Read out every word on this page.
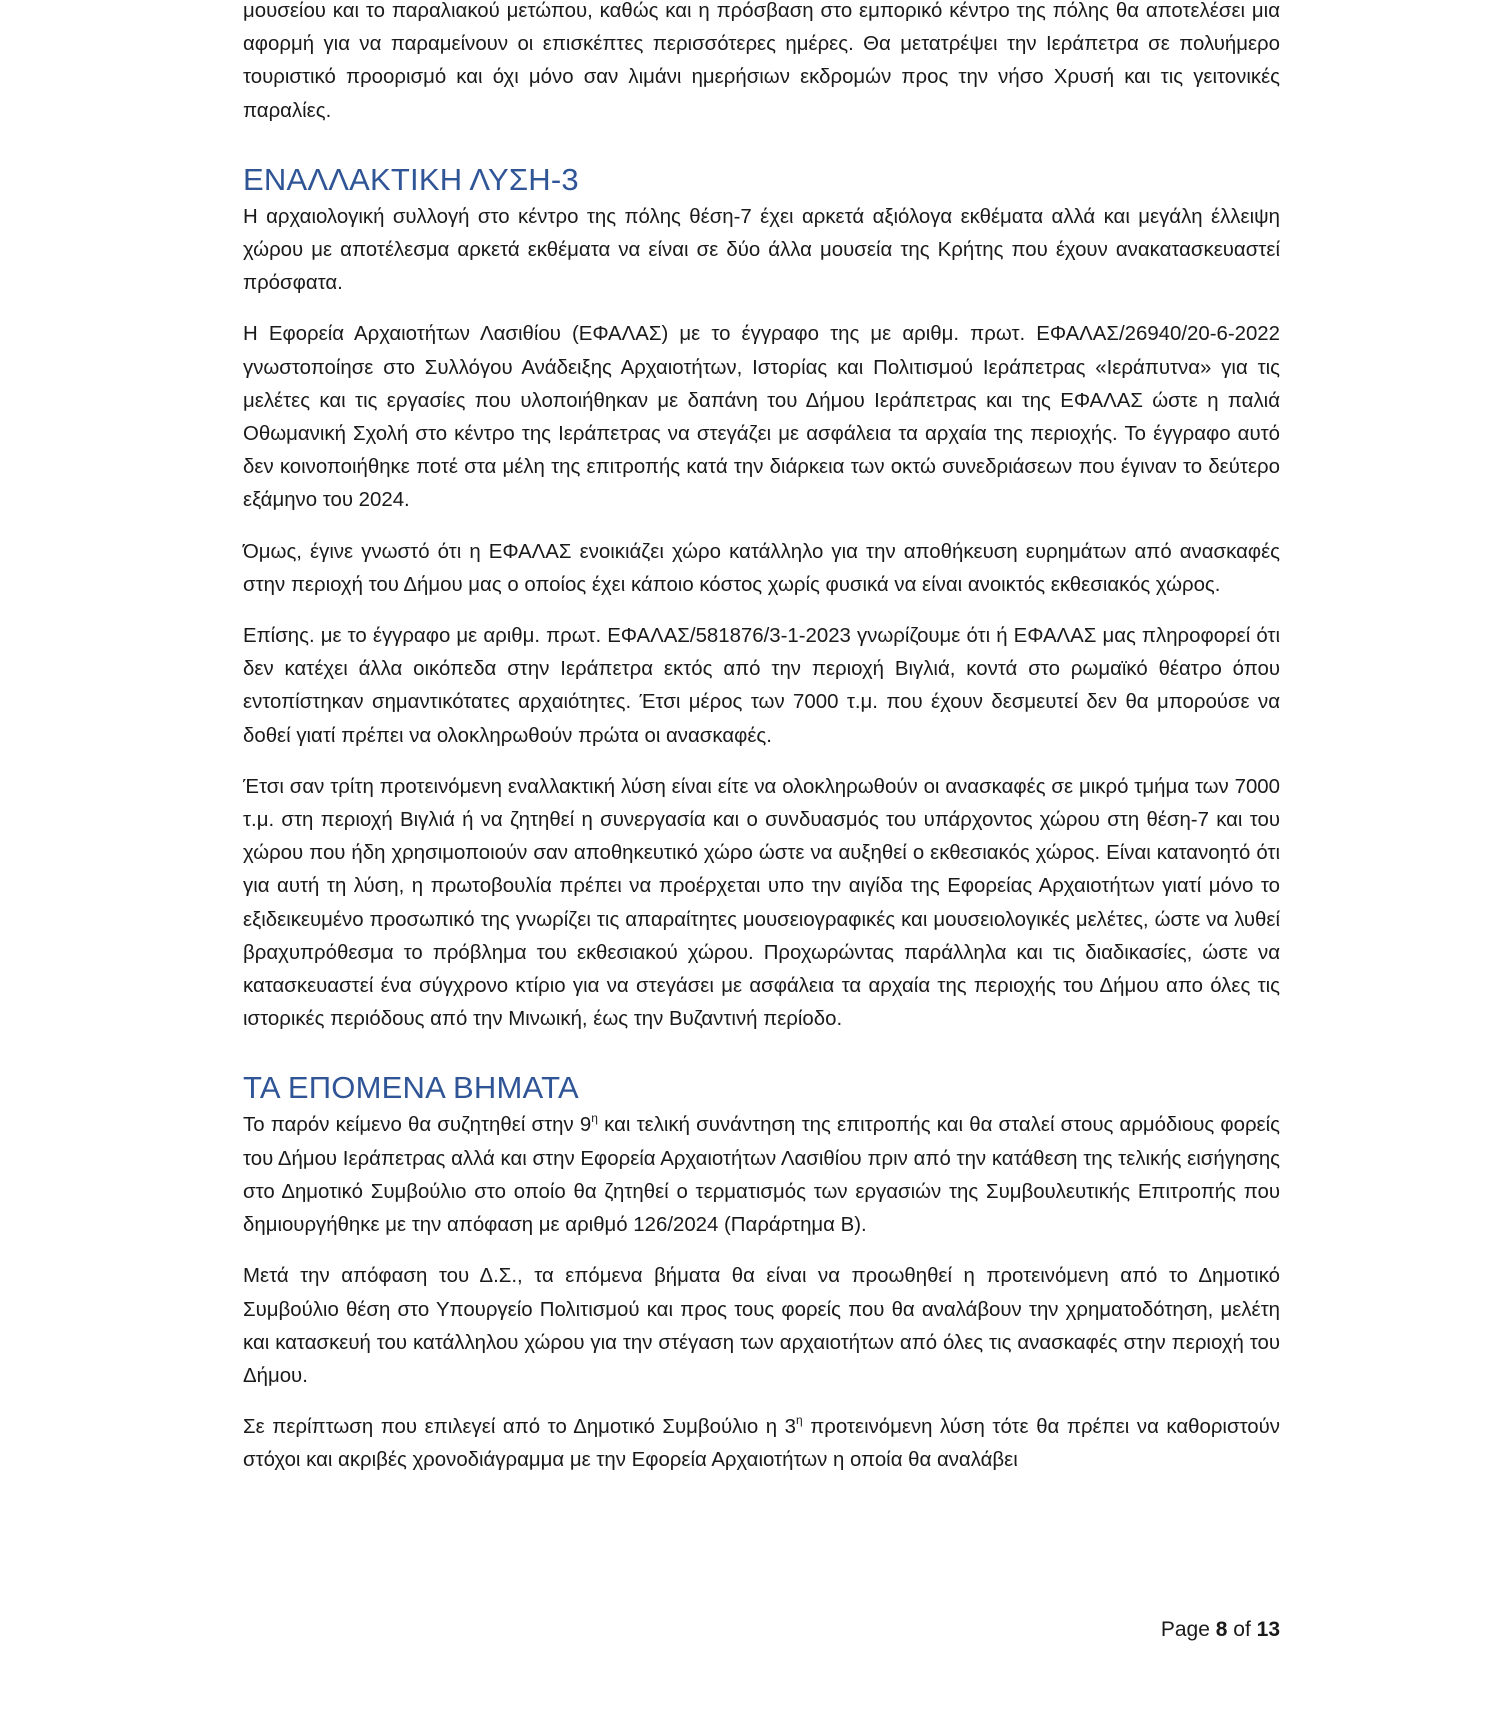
μουσείου και το παραλιακού μετώπου, καθώς και η πρόσβαση στο εμπορικό κέντρο της πόλης θα αποτελέσει μια αφορμή για να παραμείνουν οι επισκέπτες περισσότερες ημέρες. Θα μετατρέψει την Ιεράπετρα σε πολυήμερο τουριστικό προορισμό και όχι μόνο σαν λιμάνι ημερήσιων εκδρομών προς την νήσο Χρυσή και τις γειτονικές παραλίες.

ΕΝΑΛΛΑΚΤΙΚΗ ΛΥΣΗ-3

Η αρχαιολογική συλλογή στο κέντρο της πόλης θέση-7 έχει αρκετά αξιόλογα εκθέματα αλλά και μεγάλη έλλειψη χώρου με αποτέλεσμα αρκετά εκθέματα να είναι σε δύο άλλα μουσεία της Κρήτης που έχουν ανακατασκευαστεί πρόσφατα.

Η Εφορεία Αρχαιοτήτων Λασιθίου (ΕΦΑΛΑΣ) με το έγγραφο της με αριθμ. πρωτ. ΕΦΑΛΑΣ/26940/20-6-2022 γνωστοποίησε στο Συλλόγου Ανάδειξης Αρχαιοτήτων, Ιστορίας και Πολιτισμού Ιεράπετρας «Ιεράπυτνα» για τις μελέτες και τις εργασίες που υλοποιήθηκαν με δαπάνη του Δήμου Ιεράπετρας και της ΕΦΑΛΑΣ ώστε η παλιά Οθωμανική Σχολή στο κέντρο της Ιεράπετρας να στεγάζει με ασφάλεια τα αρχαία της περιοχής. Το έγγραφο αυτό δεν κοινοποιήθηκε ποτέ στα μέλη της επιτροπής κατά την διάρκεια των οκτώ συνεδριάσεων που έγιναν το δεύτερο εξάμηνο του 2024.

Όμως, έγινε γνωστό ότι η ΕΦΑΛΑΣ ενοικιάζει χώρο κατάλληλο για την αποθήκευση ευρημάτων από ανασκαφές στην περιοχή του Δήμου μας ο οποίος έχει κάποιο κόστος χωρίς φυσικά να είναι ανοικτός εκθεσιακός χώρος.

Επίσης. με το έγγραφο με αριθμ. πρωτ. ΕΦΑΛΑΣ/581876/3-1-2023 γνωρίζουμε ότι ή ΕΦΑΛΑΣ μας πληροφορεί ότι δεν κατέχει άλλα οικόπεδα στην Ιεράπετρα εκτός από την περιοχή Βιγλιά, κοντά στο ρωμαϊκό θέατρο όπου εντοπίστηκαν σημαντικότατες αρχαιότητες. Έτσι μέρος των 7000 τ.μ. που έχουν δεσμευτεί δεν θα μπορούσε να δοθεί γιατί πρέπει να ολοκληρωθούν πρώτα οι ανασκαφές.

Έτσι σαν τρίτη προτεινόμενη εναλλακτική λύση είναι είτε να ολοκληρωθούν οι ανασκαφές σε μικρό τμήμα των 7000 τ.μ. στη περιοχή Βιγλιά ή να ζητηθεί η συνεργασία και ο συνδυασμός του υπάρχοντος χώρου στη θέση-7 και του χώρου που ήδη χρησιμοποιούν σαν αποθηκευτικό χώρο ώστε να αυξηθεί ο εκθεσιακός χώρος. Είναι κατανοητό ότι για αυτή τη λύση, η πρωτοβουλία πρέπει να προέρχεται υπο την αιγίδα της Εφορείας Αρχαιοτήτων γιατί μόνο το εξιδεικευμένο προσωπικό της γνωρίζει τις απαραίτητες μουσειογραφικές και μουσειολογικές μελέτες, ώστε να λυθεί βραχυπρόθεσμα το πρόβλημα του εκθεσιακού χώρου. Προχωρώντας παράλληλα και τις διαδικασίες, ώστε να κατασκευαστεί ένα σύγχρονο κτίριο για να στεγάσει με ασφάλεια τα αρχαία της περιοχής του Δήμου απο όλες τις ιστορικές περιόδους από την Μινωική, έως την Βυζαντινή περίοδο.

ΤΑ ΕΠΟΜΕΝΑ ΒΗΜΑΤΑ

Το παρόν κείμενο θα συζητηθεί στην $9^\eta$ και τελική συνάντηση της επιτροπής και θα σταλεί στους αρμόδιους φορείς του Δήμου Ιεράπετρας αλλά και στην Εφορεία Αρχαιοτήτων Λασιθίου πριν από την κατάθεση της τελικής εισήγησης στο Δημοτικό Συμβούλιο στο οποίο θα ζητηθεί ο τερματισμός των εργασιών της Συμβουλευτικής Επιτροπής που δημιουργήθηκε με την απόφαση με αριθμό 126/2024 (Παράρτημα Β).

Μετά την απόφαση του Δ.Σ., τα επόμενα βήματα θα είναι να προωθηθεί η προτεινόμενη από το Δημοτικό Συμβούλιο θέση στο Υπουργείο Πολιτισμού και προς τους φορείς που θα αναλάβουν την χρηματοδότηση, μελέτη και κατασκευή του κατάλληλου χώρου για την στέγαση των αρχαιοτήτων από όλες τις ανασκαφές στην περιοχή του Δήμου.

Σε περίπτωση που επιλεγεί από το Δημοτικό Συμβούλιο η $3^\eta$ προτεινόμενη λύση τότε θα πρέπει να καθοριστούν στόχοι και ακριβές χρονοδιάγραμμα με την Εφορεία Αρχαιοτήτων η οποία θα αναλάβει

Page 8 of 13
